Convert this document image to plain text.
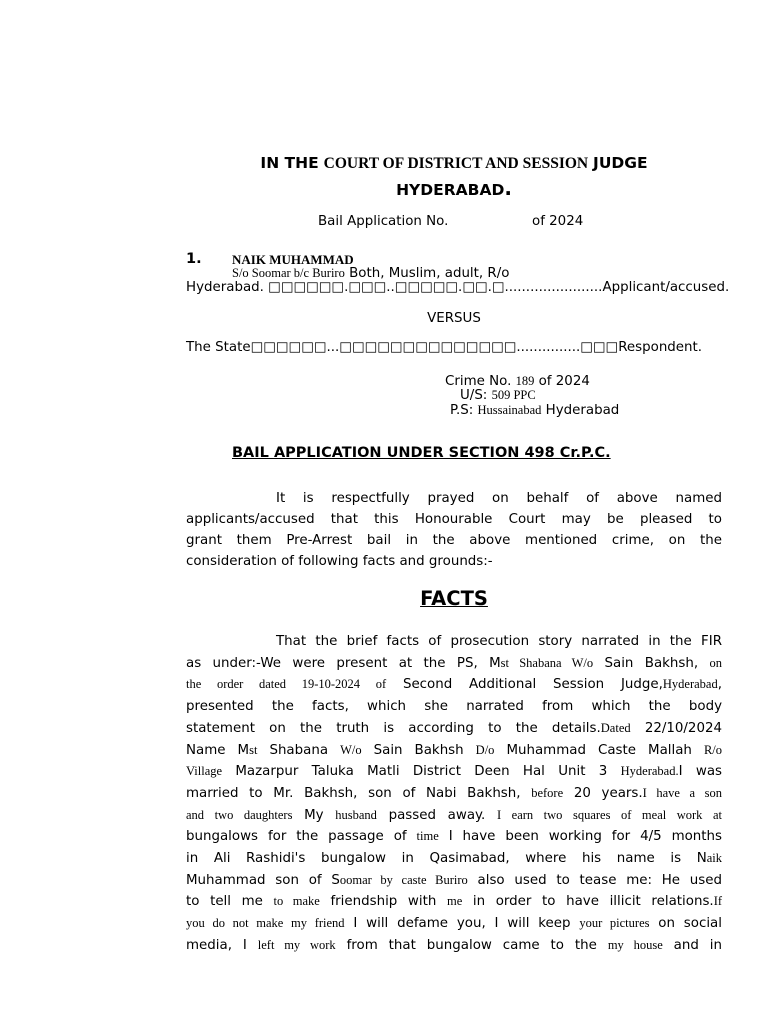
IN THE COURT OF DISTRICT AND SESSION JUDGE
HYDERABAD.
Bail Application No.	of 2024
1. NAIK MUHAMMAD
S/o Soomar b/c Buriro Both, Muslim, adult, R/o
Hyderabad. □□□□□□.□□□..□□□□□.□□.□....................... Applicant/accused.
VERSUS
The State□□□□□□...□□□□□□□□□□□□□□...............□□□Respondent.
Crime No. 189 of 2024
U/S: 509 PPC
P.S: Hussainabad Hyderabad
BAIL APPLICATION UNDER SECTION 498 Cr.P.C.
It is respectfully prayed on behalf of above named
applicants/accused that this Honourable Court may be pleased to
grant them Pre-Arrest bail in the above mentioned crime, on the
consideration of following facts and grounds:-
FACTS
That the brief facts of prosecution story narrated in the FIR
as under:-We were present at the PS, Mst Shabana W/o Sain Bakhsh, on
the order dated 19-10-2024 of Second Additional Session Judge,Hyderabad,
presented the facts, which she narrated from which the body
statement on the truth is according to the details.Dated 22/10/2024
Name Mst Shabana W/o Sain Bakhsh D/o Muhammad Caste Mallah R/o
Village Mazarpur Taluka Matli District Deen Hal Unit 3 Hyderabad.I was
married to Mr. Bakhsh, son of Nabi Bakhsh, before 20 years.I have a son
and two daughters My husband passed away. I earn two squares of meal work at
bungalows for the passage of time I have been working for 4/5 months
in Ali Rashidi's bungalow in Qasimabad, where his name is Naik
Muhammad son of Soomar by caste Buriro also used to tease me: He used
to tell me to make friendship with me in order to have illicit relations.If
you do not make my friend I will defame you, I will keep your pictures on social
media, I left my work from that bungalow came to the my house and in
